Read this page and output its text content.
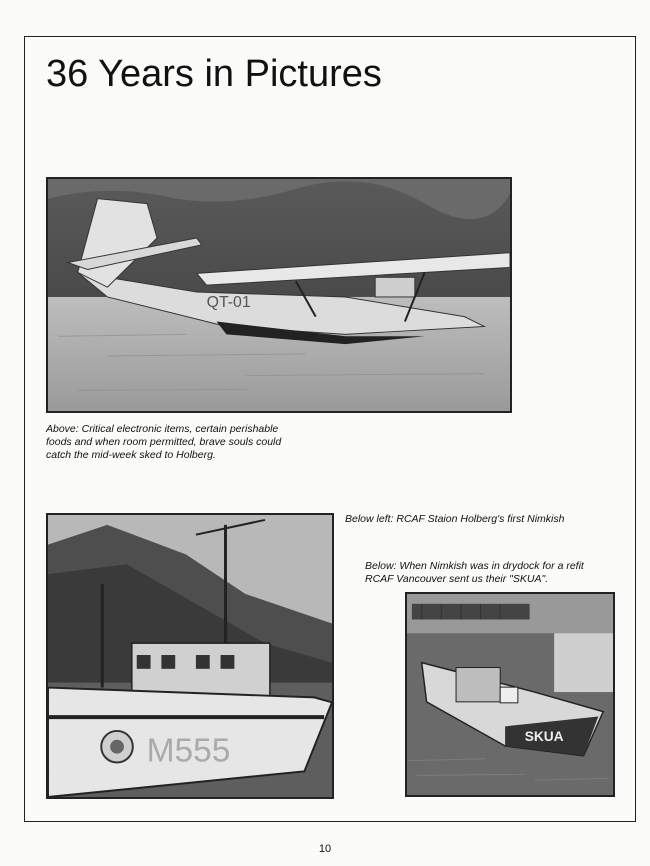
36 Years in Pictures
QT-01
Above: Critical electronic items, certain perishable foods and when room permitted, brave souls could catch the mid-week sked to Holberg.
Below left: RCAF Staion Holberg's first Nimkish
M555
Below: When Nimkish was in drydock for a refit RCAF Vancouver sent us their "SKUA".
SKUA
10
